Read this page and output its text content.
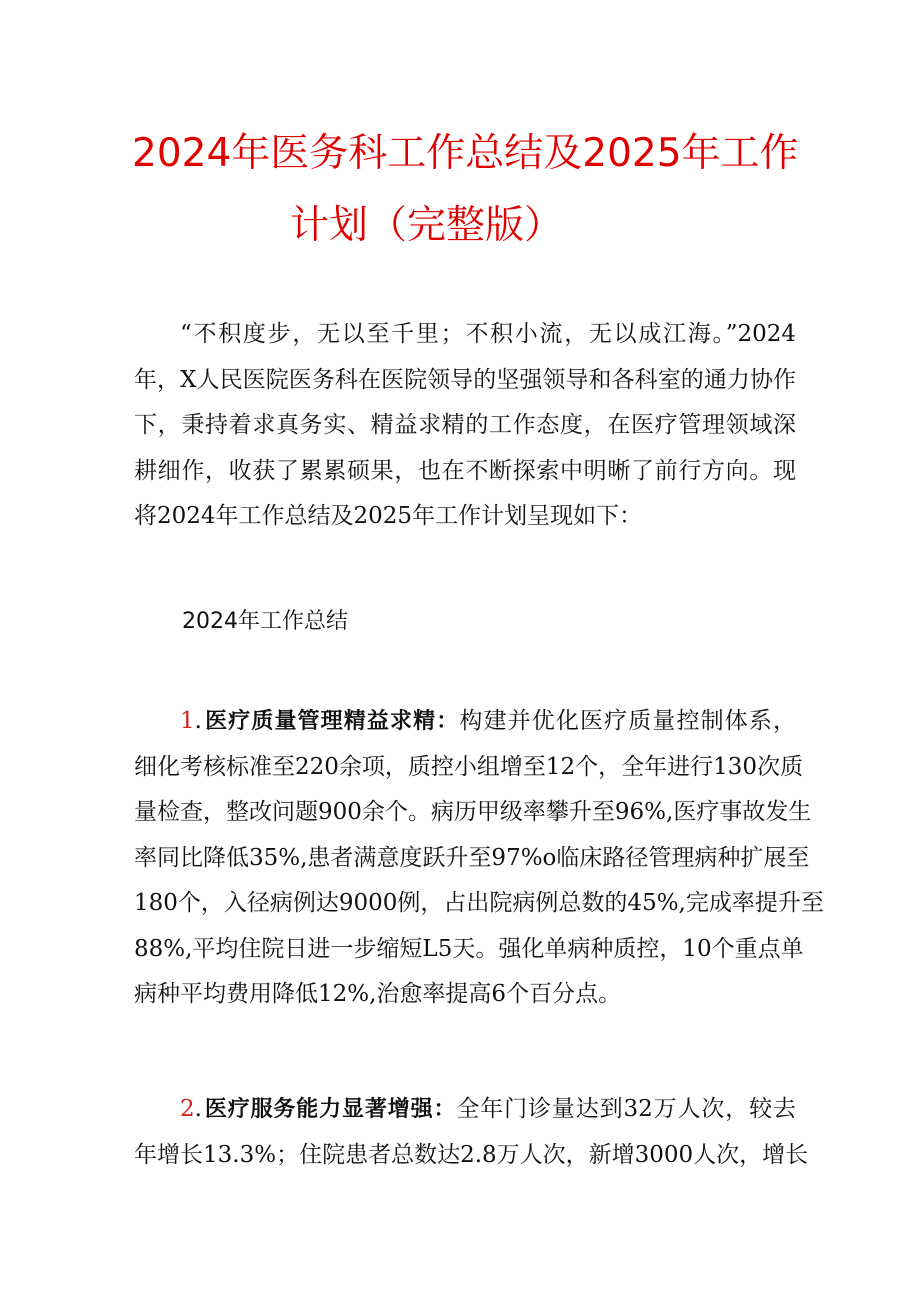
2024年医务科工作总结及2025年工作
计划（完整版）

“不积度步，无以至千里；不积小流，无以成江海。”2024
年，X人民医院医务科在医院领导的坚强领导和各科室的通力协作
下，秉持着求真务实、精益求精的工作态度，在医疗管理领域深
耕细作，收获了累累硕果，也在不断探索中明晰了前行方向。现
将2024年工作总结及2025年工作计划呈现如下：

2024年工作总结

1.医疗质量管理精益求精：构建并优化医疗质量控制体系，
细化考核标准至220余项，质控小组增至12个，全年进行130次质
量检查，整改问题900余个。病历甲级率攀升至96%,医疗事故发生
率同比降低35%,患者满意度跃升至97%o临床路径管理病种扩展至
180个，入径病例达9000例，占出院病例总数的45%,完成率提升至
88%,平均住院日进一步缩短L5天。强化单病种质控，10个重点单
病种平均费用降低12%,治愈率提高6个百分点。

2.医疗服务能力显著增强：全年门诊量达到32万人次，较去
年增长13.3%；住院患者总数达2.8万人次，新增3000人次，增长
